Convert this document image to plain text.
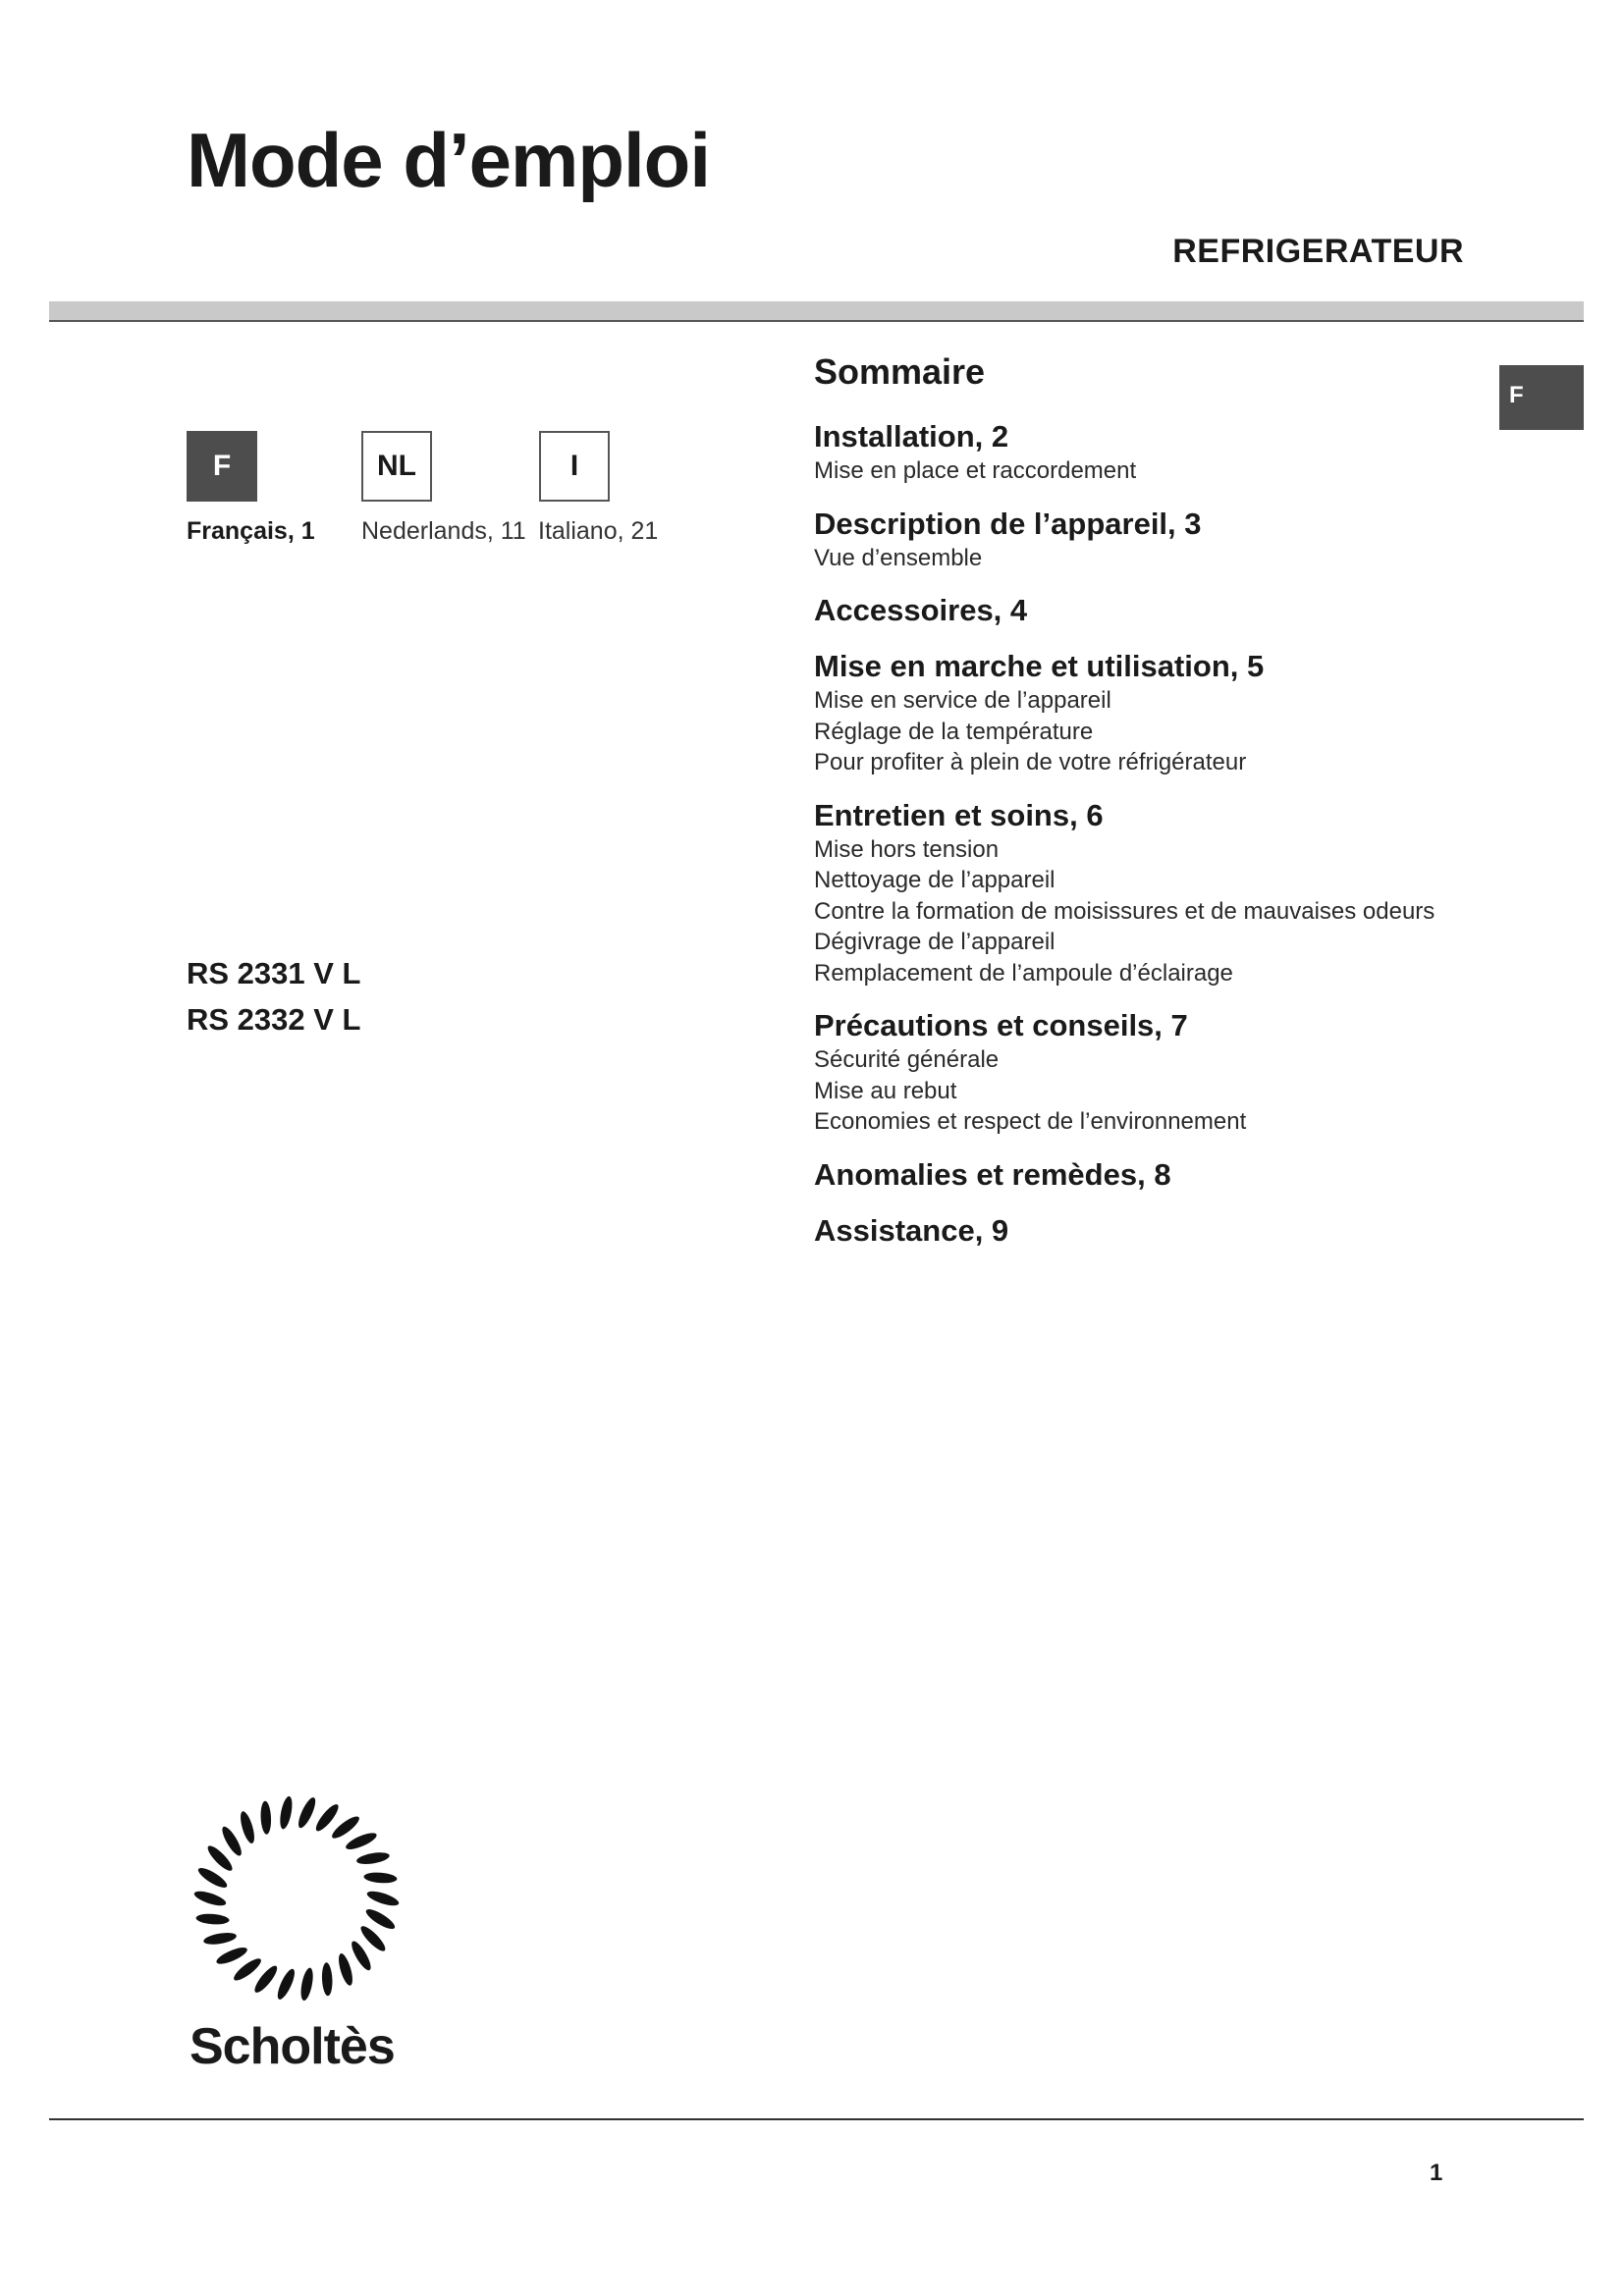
Mode d’emploi
REFRIGERATEUR
F
F	NL	I
Français, 1 Nederlands, 11 Italiano, 21
RS 2331 V L
RS 2332 V L
Sommaire
Installation, 2
Mise en place et raccordement
Description de l’appareil, 3
Vue d’ensemble
Accessoires, 4
Mise en marche et utilisation, 5
Mise en service de l’appareil
Réglage de la température
Pour profiter à plein de votre réfrigérateur
Entretien et soins, 6
Mise hors tension
Nettoyage de l’appareil
Contre la formation de moisissures et de mauvaises odeurs
Dégivrage de l’appareil
Remplacement de l’ampoule d’éclairage
Précautions et conseils, 7
Sécurité générale
Mise au rebut
Economies et respect de l’environnement
Anomalies et remèdes, 8
Assistance, 9
Scholtès
1
